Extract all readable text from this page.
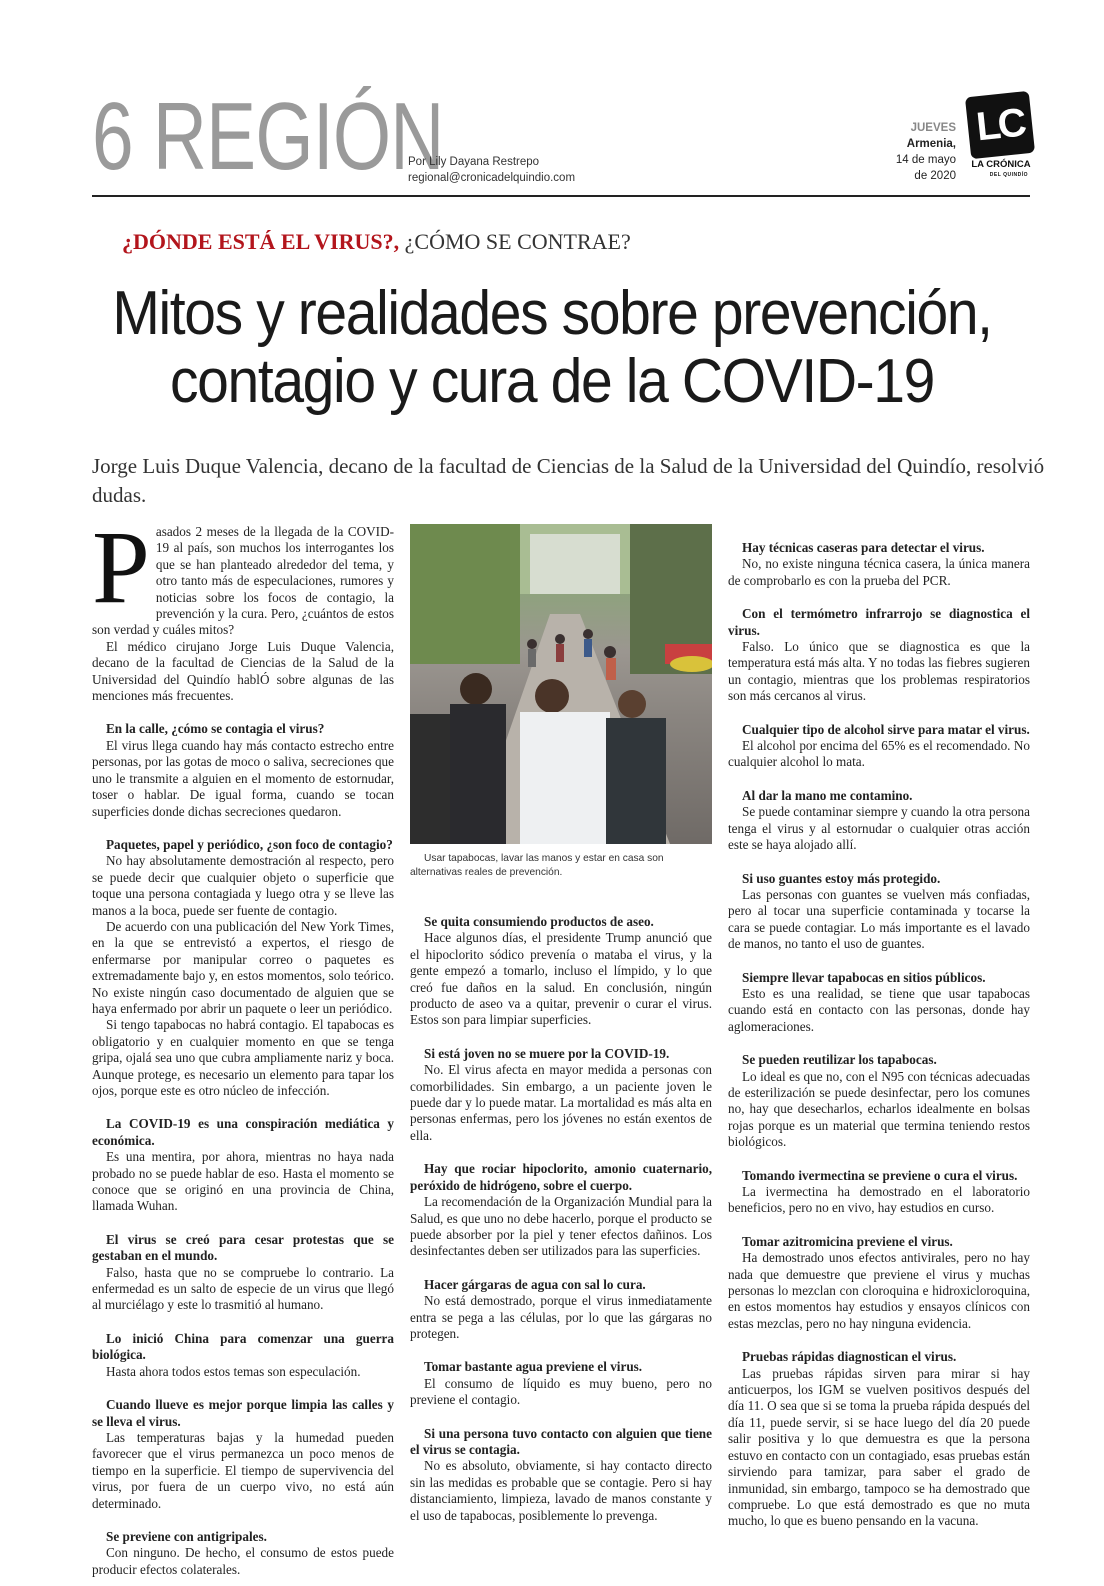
6 REGIÓN
Por Lily Dayana Restrepo
regional@cronicadelquindio.com
JUEVES
Armenia,
14 de mayo
de 2020
LC
LA CRÓNICA
DEL QUINDÍO
¿DÓNDE ESTÁ EL VIRUS?, ¿CÓMO SE CONTRAE?
Mitos y realidades sobre prevención,
contagio y cura de la COVID-19

Jorge Luis Duque Valencia, decano de la facultad de Ciencias de la Salud de la Universidad del Quindío, resolvió dudas.

Pasados 2 meses de la llegada de la COVID-19 al país, son muchos los interrogantes los que se han planteado alrededor del tema, y otro tanto más de especulaciones, rumores y noticias sobre los focos de contagio, la prevención y la cura. Pero, ¿cuántos de estos son verdad y cuáles mitos?

El médico cirujano Jorge Luis Duque Valencia, decano de la facultad de Ciencias de la Salud de la Universidad del Quindío hablÓ sobre algunas de las menciones más frecuentes.

En la calle, ¿cómo se contagia el virus?

El virus llega cuando hay más contacto estrecho entre personas, por las gotas de moco o saliva, secreciones que uno le transmite a alguien en el momento de estornudar, toser o hablar. De igual forma, cuando se tocan superficies donde dichas secreciones quedaron.

Paquetes, papel y periódico, ¿son foco de contagio?

No hay absolutamente demostración al respecto, pero se puede decir que cualquier objeto o superficie que toque una persona contagiada y luego otra y se lleve las manos a la boca, puede ser fuente de contagio.

De acuerdo con una publicación del New York Times, en la que se entrevistó a expertos, el riesgo de enfermarse por manipular correo o paquetes es extremadamente bajo y, en estos momentos, solo teórico. No existe ningún caso documentado de alguien que se haya enfermado por abrir un paquete o leer un periódico.

Si tengo tapabocas no habrá contagio. El tapabocas es obligatorio y en cualquier momento en que se tenga gripa, ojalá sea uno que cubra ampliamente nariz y boca. Aunque protege, es necesario un elemento para tapar los ojos, porque este es otro núcleo de infección.

La COVID-19 es una conspiración mediática y económica.

Es una mentira, por ahora, mientras no haya nada probado no se puede hablar de eso. Hasta el momento se conoce que se originó en una provincia de China, llamada Wuhan.

El virus se creó para cesar protestas que se gestaban en el mundo.

Falso, hasta que no se compruebe lo contrario. La enfermedad es un salto de especie de un virus que llegó al murciélago y este lo trasmitió al humano.

Lo inició China para comenzar una guerra biológica.

Hasta ahora todos estos temas son especulación.

Cuando llueve es mejor porque limpia las calles y se lleva el virus.

Las temperaturas bajas y la humedad pueden favorecer que el virus permanezca un poco menos de tiempo en la superficie. El tiempo de supervivencia del virus, por fuera de un cuerpo vivo, no está aún determinado.

Se previene con antigripales.

Con ninguno. De hecho, el consumo de estos puede producir efectos colaterales.

Usar tapabocas, lavar las manos y estar en casa son alternativas reales de prevención.

Se quita consumiendo productos de aseo.

Hace algunos días, el presidente Trump anunció que el hipoclorito sódico prevenía o mataba el virus, y la gente empezó a tomarlo, incluso el límpido, y lo que creó fue daños en la salud. En conclusión, ningún producto de aseo va a quitar, prevenir o curar el virus. Estos son para limpiar superficies.

Si está joven no se muere por la COVID-19.

No. El virus afecta en mayor medida a personas con comorbilidades. Sin embargo, a un paciente joven le puede dar y lo puede matar. La mortalidad es más alta en personas enfermas, pero los jóvenes no están exentos de ella.

Hay que rociar hipoclorito, amonio cuaternario, peróxido de hidrógeno, sobre el cuerpo.

La recomendación de la Organización Mundial para la Salud, es que uno no debe hacerlo, porque el producto se puede absorber por la piel y tener efectos dañinos. Los desinfectantes deben ser utilizados para las superficies.

Hacer gárgaras de agua con sal lo cura.

No está demostrado, porque el virus inmediatamente entra se pega a las células, por lo que las gárgaras no protegen.

Tomar bastante agua previene el virus.

El consumo de líquido es muy bueno, pero no previene el contagio.

Si una persona tuvo contacto con alguien que tiene el virus se contagia.

No es absoluto, obviamente, si hay contacto directo sin las medidas es probable que se contagie. Pero si hay distanciamiento, limpieza, lavado de manos constante y el uso de tapabocas, posiblemente lo prevenga.

Hay técnicas caseras para detectar el virus.

No, no existe ninguna técnica casera, la única manera de comprobarlo es con la prueba del PCR.

Con el termómetro infrarrojo se diagnostica el virus.

Falso. Lo único que se diagnostica es que la temperatura está más alta. Y no todas las fiebres sugieren un contagio, mientras que los problemas respiratorios son más cercanos al virus.

Cualquier tipo de alcohol sirve para matar el virus.

El alcohol por encima del 65% es el recomendado. No cualquier alcohol lo mata.

Al dar la mano me contamino.

Se puede contaminar siempre y cuando la otra persona tenga el virus y al estornudar o cualquier otras acción este se haya alojado allí.

Si uso guantes estoy más protegido.

Las personas con guantes se vuelven más confiadas, pero al tocar una superficie contaminada y tocarse la cara se puede contagiar. Lo más importante es el lavado de manos, no tanto el uso de guantes.

Siempre llevar tapabocas en sitios públicos.

Esto es una realidad, se tiene que usar tapabocas cuando está en contacto con las personas, donde hay aglomeraciones.

Se pueden reutilizar los tapabocas.

Lo ideal es que no, con el N95 con técnicas adecuadas de esterilización se puede desinfectar, pero los comunes no, hay que desecharlos, echarlos idealmente en bolsas rojas porque es un material que termina teniendo restos biológicos.

Tomando ivermectina se previene o cura el virus.

La ivermectina ha demostrado en el laboratorio beneficios, pero no en vivo, hay estudios en curso.

Tomar azitromicina previene el virus.

Ha demostrado unos efectos antivirales, pero no hay nada que demuestre que previene el virus y muchas personas lo mezclan con cloroquina e hidroxicloroquina, en estos momentos hay estudios y ensayos clínicos con estas mezclas, pero no hay ninguna evidencia.

Pruebas rápidas diagnostican el virus.

Las pruebas rápidas sirven para mirar si hay anticuerpos, los IGM se vuelven positivos después del día 11. O sea que si se toma la prueba rápida después del día 11, puede servir, si se hace luego del día 20 puede salir positiva y lo que demuestra es que la persona estuvo en contacto con un contagiado, esas pruebas están sirviendo para tamizar, para saber el grado de inmunidad, sin embargo, tampoco se ha demostrado que compruebe. Lo que está demostrado es que no muta mucho, lo que es bueno pensando en la vacuna.
